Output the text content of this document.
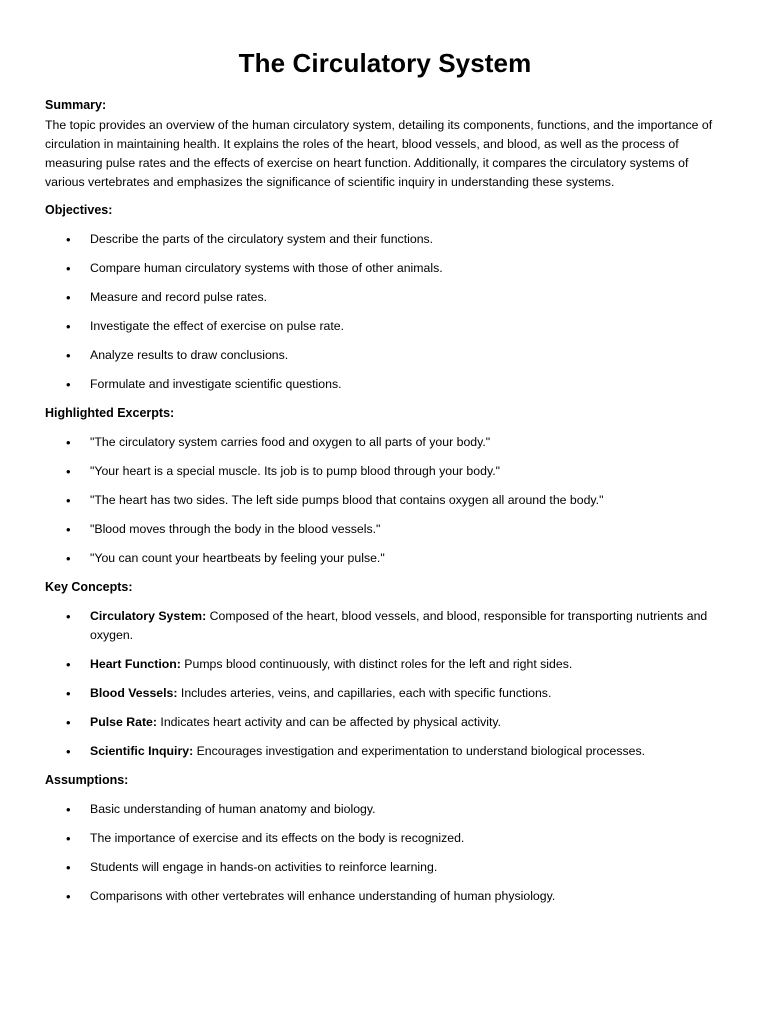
The Circulatory System
Summary:
The topic provides an overview of the human circulatory system, detailing its components, functions, and the importance of circulation in maintaining health. It explains the roles of the heart, blood vessels, and blood, as well as the process of measuring pulse rates and the effects of exercise on heart function. Additionally, it compares the circulatory systems of various vertebrates and emphasizes the significance of scientific inquiry in understanding these systems.
Objectives:
• Describe the parts of the circulatory system and their functions.
• Compare human circulatory systems with those of other animals.
• Measure and record pulse rates.
• Investigate the effect of exercise on pulse rate.
• Analyze results to draw conclusions.
• Formulate and investigate scientific questions.
Highlighted Excerpts:
• "The circulatory system carries food and oxygen to all parts of your body."
• "Your heart is a special muscle. Its job is to pump blood through your body."
• "The heart has two sides. The left side pumps blood that contains oxygen all around the body."
• "Blood moves through the body in the blood vessels."
• "You can count your heartbeats by feeling your pulse."
Key Concepts:
• Circulatory System: Composed of the heart, blood vessels, and blood, responsible for transporting nutrients and oxygen.
• Heart Function: Pumps blood continuously, with distinct roles for the left and right sides.
• Blood Vessels: Includes arteries, veins, and capillaries, each with specific functions.
• Pulse Rate: Indicates heart activity and can be affected by physical activity.
• Scientific Inquiry: Encourages investigation and experimentation to understand biological processes.
Assumptions:
• Basic understanding of human anatomy and biology.
• The importance of exercise and its effects on the body is recognized.
• Students will engage in hands-on activities to reinforce learning.
• Comparisons with other vertebrates will enhance understanding of human physiology.
